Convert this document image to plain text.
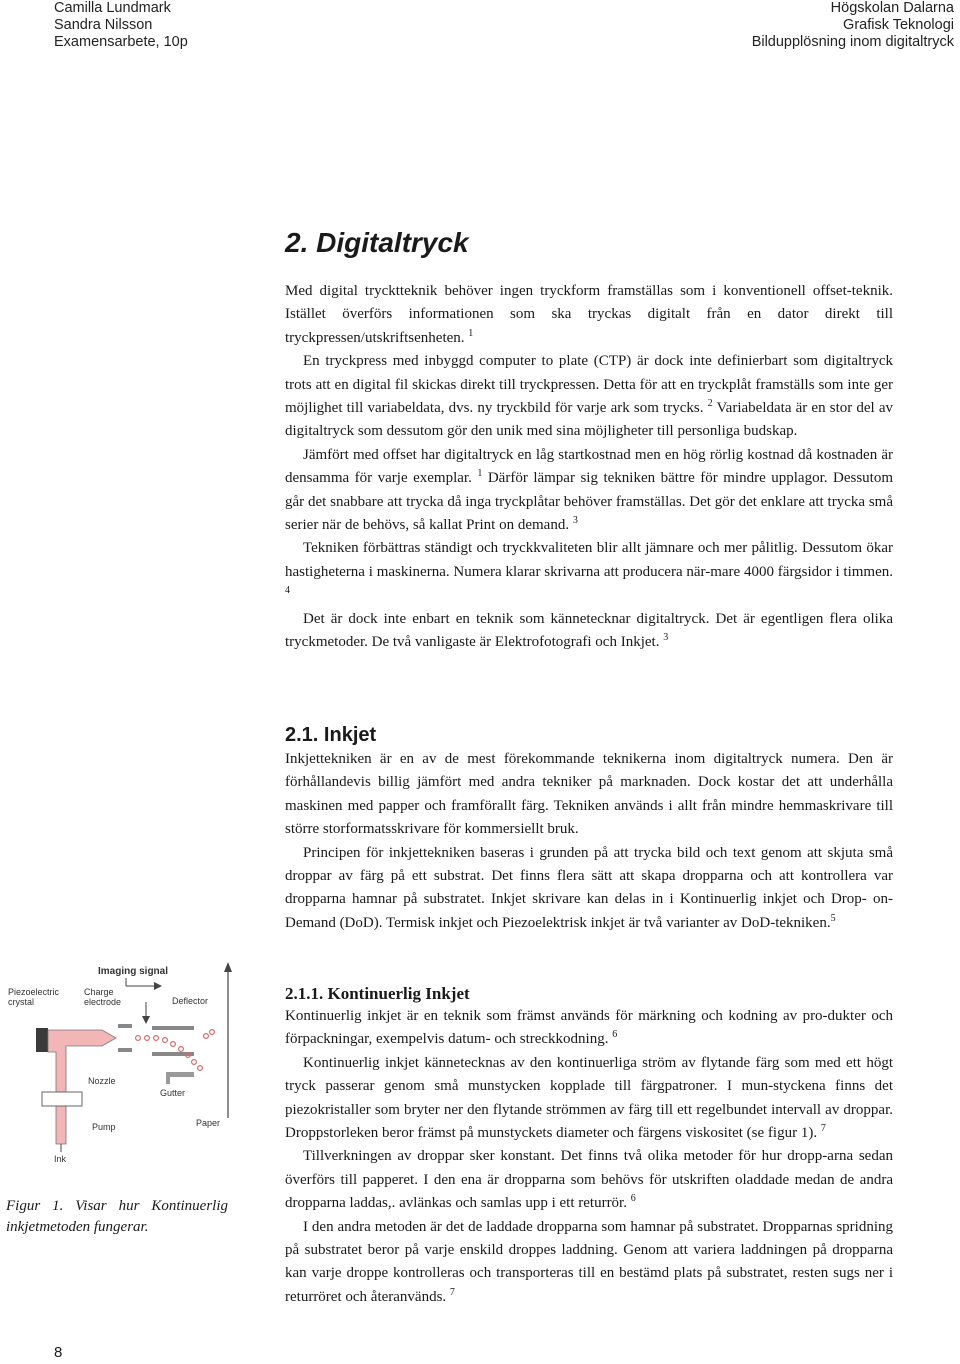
Camilla Lundmark
Sandra Nilsson
Examensarbete, 10p
Högskolan Dalarna
Grafisk Teknologi
Bildupplösning inom digitaltryck
2. Digitaltryck

Med digital trycktteknik behöver ingen tryckform framställas som i konventionell offset-teknik. Istället överförs informationen som ska tryckas digitalt från en dator direkt till tryckpressen/utskriftsenheten. $^1$

En tryckpress med inbyggd computer to plate (CTP) är dock inte definierbart som digitaltryck trots att en digital fil skickas direkt till tryckpressen. Detta för att en tryckplåt framställs som inte ger möjlighet till variabeldata, dvs. ny tryckbild för varje ark som trycks. $^2$ Variabeldata är en stor del av digitaltryck som dessutom gör den unik med sina möjligheter till personliga budskap.

Jämfört med offset har digitaltryck en låg startkostnad men en hög rörlig kostnad då kostnaden är densamma för varje exemplar. $^1$ Därför lämpar sig tekniken bättre för mindre upplagor. Dessutom går det snabbare att trycka då inga tryckplåtar behöver framställas. Det gör det enklare att trycka små serier när de behövs, så kallat Print on demand. $^3$

Tekniken förbättras ständigt och tryckkvaliteten blir allt jämnare och mer pålitlig. Dessutom ökar hastigheterna i maskinerna. Numera klarar skrivarna att producera när-mare 4000 färgsidor i timmen. $^4$

Det är dock inte enbart en teknik som kännetecknar digitaltryck. Det är egentligen flera olika tryckmetoder. De två vanligaste är Elektrofotografi och Inkjet. $^3$

2.1. Inkjet

Inkjettekniken är en av de mest förekommande teknikerna inom digitaltryck numera. Den är förhållandevis billig jämfört med andra tekniker på marknaden. Dock kostar det att underhålla maskinen med papper och framförallt färg. Tekniken används i allt från mindre hemmaskrivare till större storformatsskrivare för kommersiellt bruk.

Principen för inkjettekniken baseras i grunden på att trycka bild och text genom att skjuta små droppar av färg på ett substrat. Det finns flera sätt att skapa dropparna och att kontrollera var dropparna hamnar på substratet. Inkjet skrivare kan delas in i Kontinuerlig inkjet och Drop- on- Demand (DoD). Termisk inkjet och Piezoelektrisk inkjet är två varianter av DoD-tekniken.$^5$

2.1.1. Kontinuerlig Inkjet

Kontinuerlig inkjet är en teknik som främst används för märkning och kodning av pro-dukter och förpackningar, exempelvis datum- och streckkodning. $^6$

Kontinuerlig inkjet kännetecknas av den kontinuerliga ström av flytande färg som med ett högt tryck passerar genom små munstycken kopplade till färgpatroner. I mun-styckena finns det piezokristaller som bryter ner den flytande strömmen av färg till ett regelbundet intervall av droppar. Droppstorleken beror främst på munstyckets diameter och färgens viskositet (se figur 1). $^7$

Tillverkningen av droppar sker konstant. Det finns två olika metoder för hur dropp-arna sedan överförs till papperet. I den ena är dropparna som behövs för utskriften oladdade medan de andra dropparna laddas,. avlänkas och samlas upp i ett returrör. $^6$

I den andra metoden är det de laddade dropparna som hamnar på substratet. Dropparnas spridning på substratet beror på varje enskild droppes laddning. Genom att variera laddningen på dropparna kan varje droppe kontrolleras och transporteras till en bestämd plats på substratet, resten sugs ner i returröret och återanvänds. $^7$

Imaging signal
Piezoelectric
crystal
Charge
electrode	Deflector
Nozzle
Gutter
Pump	Paper
Ink
Figur 1. Visar hur Kontinuerlig inkjetmetoden fungerar.
8
